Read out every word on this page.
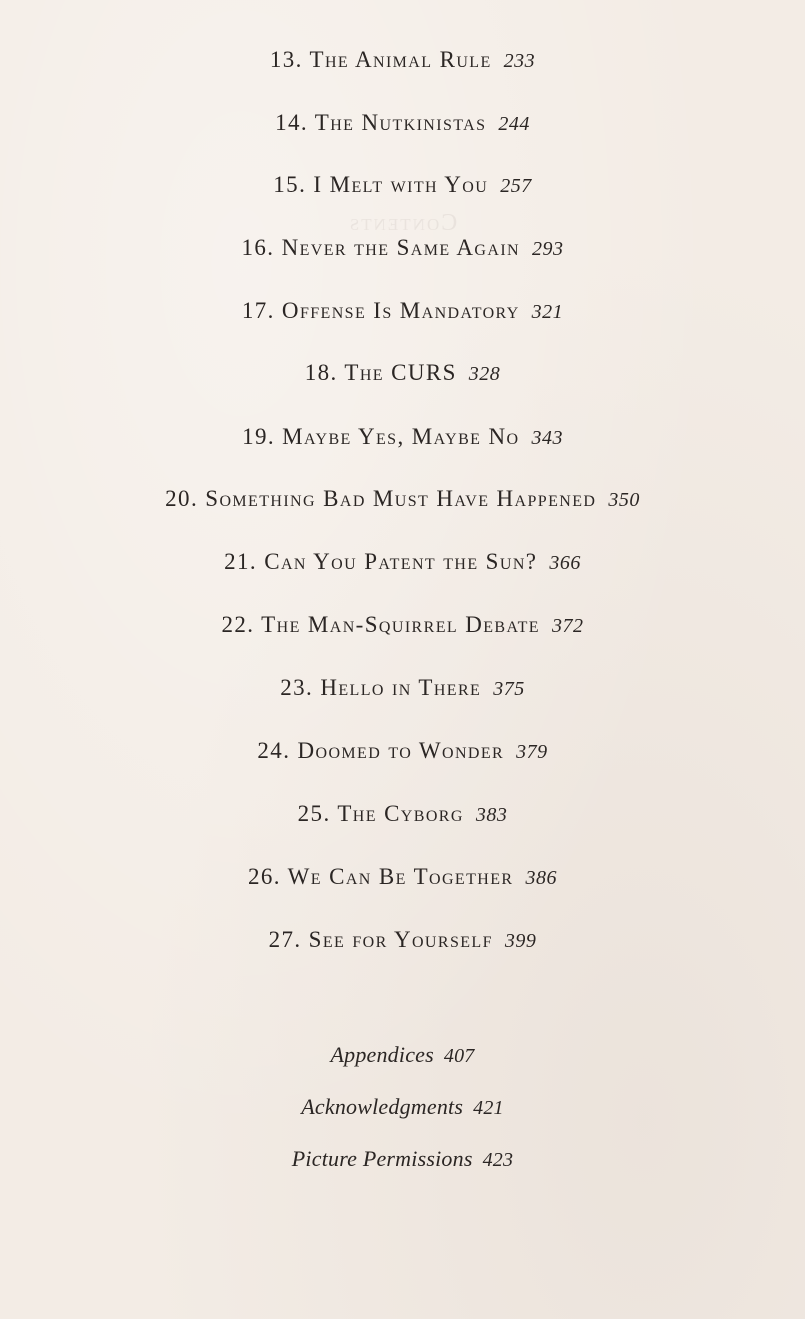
Contents
13. The Animal Rule 233
14. The Nutkinistas 244
15. I Melt with You 257
16. Never the Same Again 293
17. Offense Is Mandatory 321
18. The CURS 328
19. Maybe Yes, Maybe No 343
20. Something Bad Must Have Happened 350
21. Can You Patent the Sun? 366
22. The Man-Squirrel Debate 372
23. Hello in There 375
24. Doomed to Wonder 379
25. The Cyborg 383
26. We Can Be Together 386
27. See for Yourself 399
Appendices 407
Acknowledgments 421
Picture Permissions 423
